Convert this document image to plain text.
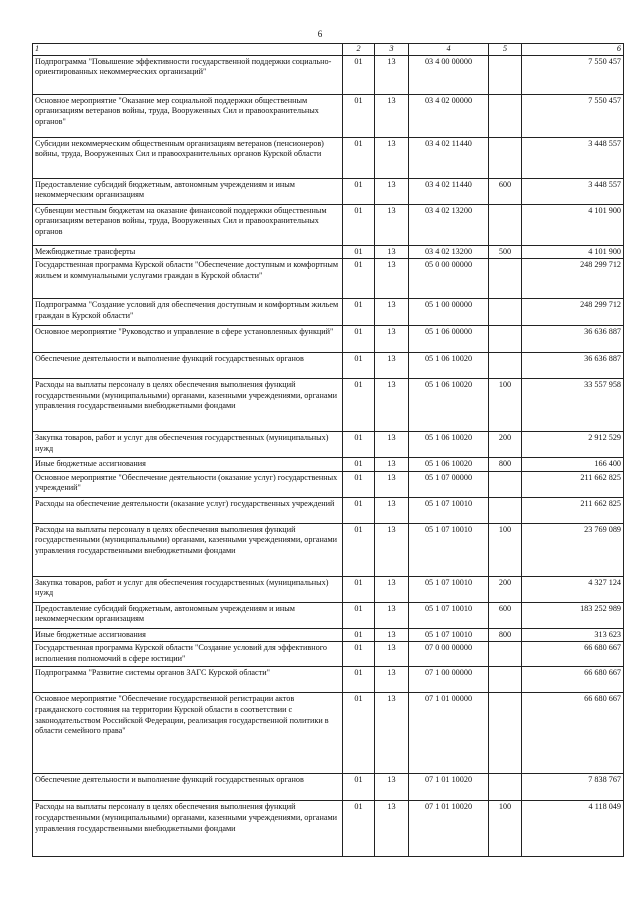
6
1	2	3	4	5	6
Подпрограмма "Повышение эффективности государственной поддержки социально-ориентированных некоммерческих организаций"	01	13	03 4 00 00000		7 550 457
Основное мероприятие "Оказание мер социальной поддержки общественным организациям ветеранов войны, труда, Вооруженных Сил и правоохранительных органов"	01	13	03 4 02 00000		7 550 457
Субсидии некоммерческим общественным организациям ветеранов (пенсионеров) войны, труда, Вооруженных Сил и правоохранительных органов Курской области	01	13	03 4 02 11440		3 448 557
Предоставление субсидий бюджетным, автономным учреждениям и иным некоммерческим организациям	01	13	03 4 02 11440	600	3 448 557
Субвенции местным бюджетам на оказание финансовой поддержки общественным организациям ветеранов войны, труда, Вооруженных Сил и правоохранительных органов	01	13	03 4 02 13200		4 101 900
Межбюджетные трансферты	01	13	03 4 02 13200	500	4 101 900
Государственная программа Курской области "Обеспечение доступным и комфортным жильем и коммунальными услугами граждан в Курской области"	01	13	05 0 00 00000		248 299 712
Подпрограмма "Создание условий для обеспечения доступным и комфортным жильем граждан в Курской области"	01	13	05 1 00 00000		248 299 712
Основное мероприятие "Руководство и управление в сфере установленных функций"	01	13	05 1 06 00000		36 636 887
Обеспечение деятельности и выполнение функций государственных органов	01	13	05 1 06 10020		36 636 887
Расходы на выплаты персоналу в целях обеспечения выполнения функций государственными (муниципальными) органами, казенными учреждениями, органами управления государственными внебюджетными фондами	01	13	05 1 06 10020	100	33 557 958
Закупка товаров, работ и услуг для обеспечения государственных (муниципальных) нужд	01	13	05 1 06 10020	200	2 912 529
Иные бюджетные ассигнования	01	13	05 1 06 10020	800	166 400
Основное мероприятие "Обеспечение деятельности (оказание услуг) государственных учреждений"	01	13	05 1 07 00000		211 662 825
Расходы на обеспечение деятельности (оказание услуг) государственных учреждений	01	13	05 1 07 10010		211 662 825
Расходы на выплаты персоналу в целях обеспечения выполнения функций государственными (муниципальными) органами, казенными учреждениями, органами управления государственными внебюджетными фондами	01	13	05 1 07 10010	100	23 769 089
Закупка товаров, работ и услуг для обеспечения государственных (муниципальных) нужд	01	13	05 1 07 10010	200	4 327 124
Предоставление субсидий бюджетным, автономным учреждениям и иным некоммерческим организациям	01	13	05 1 07 10010	600	183 252 989
Иные бюджетные ассигнования	01	13	05 1 07 10010	800	313 623
Государственная программа Курской области "Создание условий для эффективного исполнения полномочий в сфере юстиции"	01	13	07 0 00 00000		66 680 667
Подпрограмма "Развитие системы органов ЗАГС Курской области"	01	13	07 1 00 00000		66 680 667
Основное мероприятие "Обеспечение государственной регистрации актов гражданского состояния на территории Курской области в соответствии с законодательством Российской Федерации, реализация государственной политики в области семейного права"	01	13	07 1 01 00000		66 680 667
Обеспечение деятельности и выполнение функций государственных органов	01	13	07 1 01 10020		7 838 767
Расходы на выплаты персоналу в целях обеспечения выполнения функций государственными (муниципальными) органами, казенными учреждениями, органами управления государственными внебюджетными фондами	01	13	07 1 01 10020	100	4 118 049
